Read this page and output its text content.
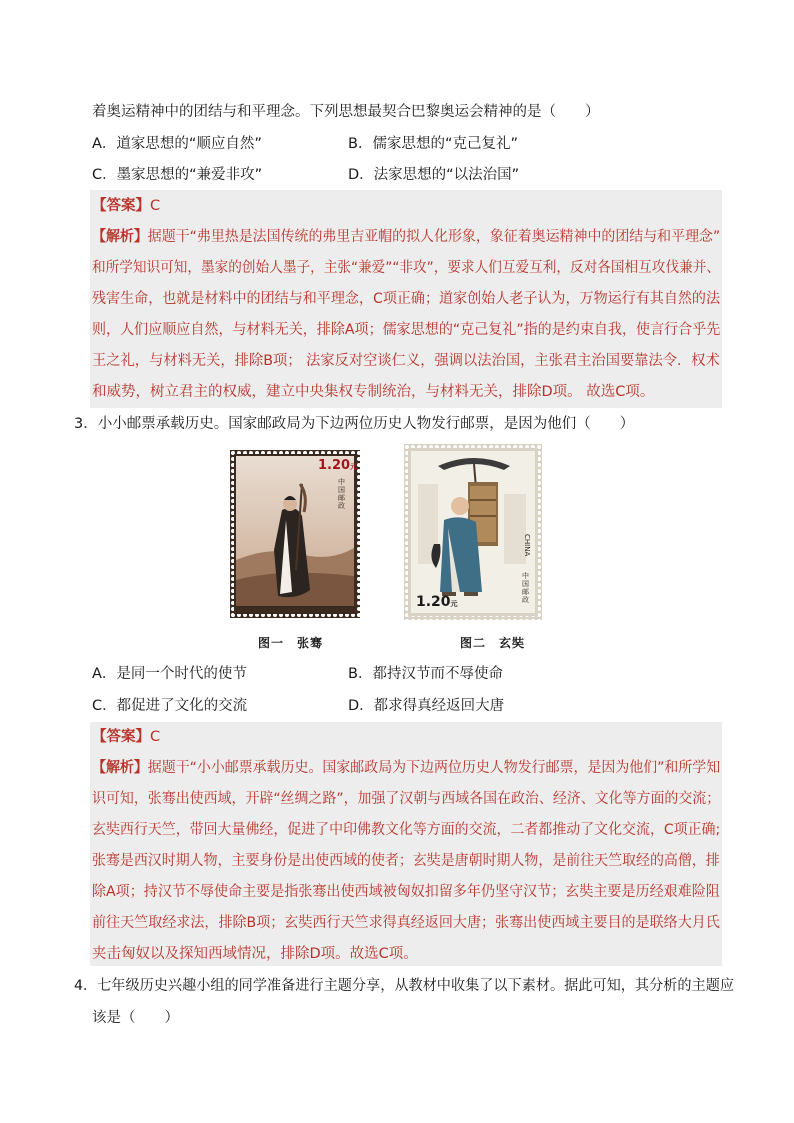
着奥运精神中的团结与和平理念。下列思想最契合巴黎奥运会精神的是（　　）
A．道家思想的“顺应自然”	B．儒家思想的“克己复礼”
C．墨家思想的“兼爱非攻”	D．法家思想的“以法治国”
【答案】C
【解析】据题干“弗里热是法国传统的弗里吉亚帽的拟人化形象，象征着奥运精神中的团结与和平理念”
和所学知识可知，墨家的创始人墨子，主张“兼爱”“非攻”，要求人们互爱互利，反对各国相互攻伐兼并、
残害生命，也就是材料中的团结与和平理念，C项正确；道家创始人老子认为，万物运行有其自然的法
则，人们应顺应自然，与材料无关，排除A项；儒家思想的“克己复礼”指的是约束自我，使言行合乎先
王之礼，与材料无关，排除B项； 法家反对空谈仁义，强调以法治国，主张君主治国要靠法令．权术
和威势，树立君主的权威，建立中央集权专制统治，与材料无关，排除D项。 故选C项。
3．小小邮票承载历史。国家邮政局为下边两位历史人物发行邮票，是因为他们（　　）
1.20元
中国邮政
1.20元
CHINA
中国邮政
图一　张骞	图二　玄奘
A．是同一个时代的使节	B．都持汉节而不辱使命
C．都促进了文化的交流	D．都求得真经返回大唐
【答案】C
【解析】据题干“小小邮票承载历史。国家邮政局为下边两位历史人物发行邮票，是因为他们”和所学知
识可知，张骞出使西域，开辟“丝绸之路”，加强了汉朝与西域各国在政治、经济、文化等方面的交流；
玄奘西行天竺，带回大量佛经，促进了中印佛教文化等方面的交流，二者都推动了文化交流，C项正确;
张骞是西汉时期人物，主要身份是出使西域的使者；玄奘是唐朝时期人物，是前往天竺取经的高僧，排
除A项；持汉节不辱使命主要是指张骞出使西域被匈奴扣留多年仍坚守汉节；玄奘主要是历经艰难险阻
前往天竺取经求法，排除B项；玄奘西行天竺求得真经返回大唐；张骞出使西域主要目的是联络大月氏
夹击匈奴以及探知西域情况，排除D项。故选C项。
4．七年级历史兴趣小组的同学准备进行主题分享，从教材中收集了以下素材。据此可知，其分析的主题应
该是（　　）
